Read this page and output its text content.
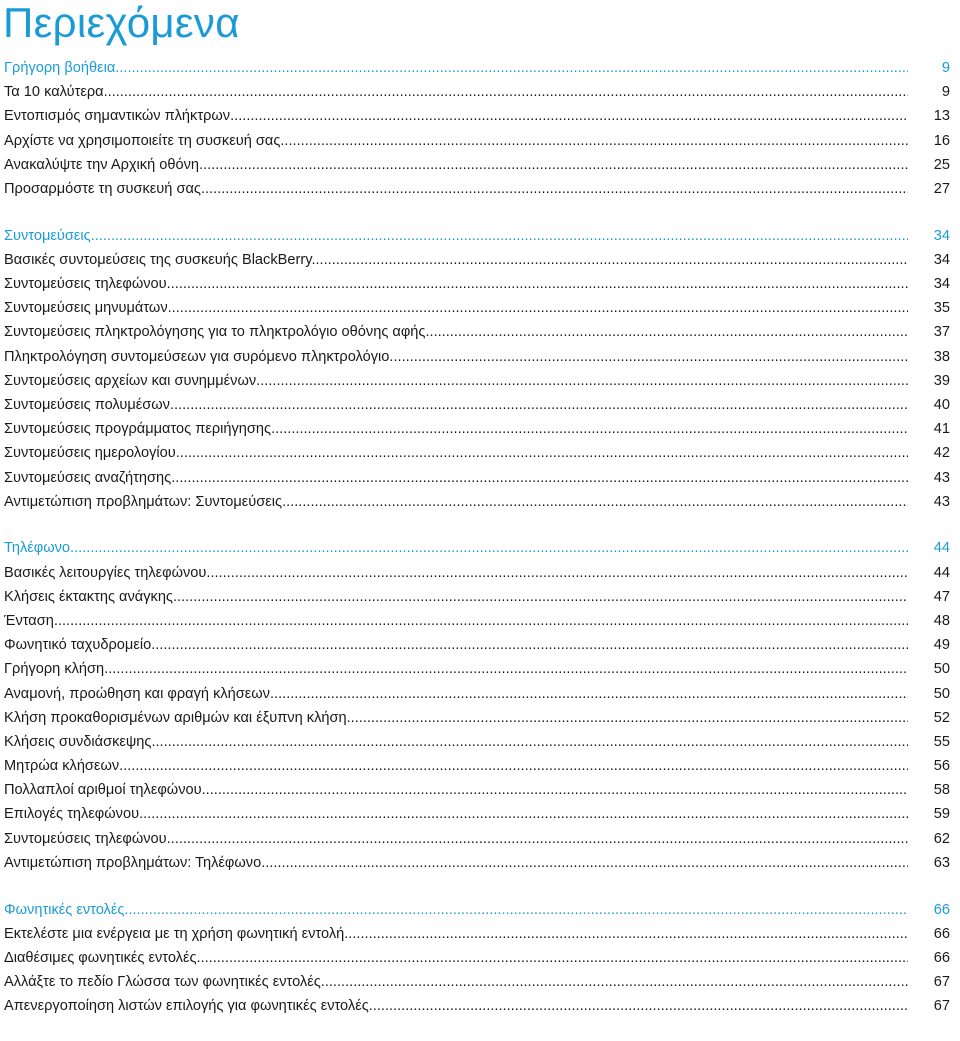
Περιεχόμενα
Γρήγορη βοήθεια .....	9
Τα 10 καλύτερα .....	9
Εντοπισμός σημαντικών πλήκτρων .....	13
Αρχίστε να χρησιμοποιείτε τη συσκευή σας .....	16
Ανακαλύψτε την Αρχική οθόνη .....	25
Προσαρμόστε τη συσκευή σας .....	27
Συντομεύσεις .....	34
Βασικές συντομεύσεις της συσκευής BlackBerry .....	34
Συντομεύσεις τηλεφώνου .....	34
Συντομεύσεις μηνυμάτων .....	35
Συντομεύσεις πληκτρολόγησης για το πληκτρολόγιο οθόνης αφής .....	37
Πληκτρολόγηση συντομεύσεων για συρόμενο πληκτρολόγιο .....	38
Συντομεύσεις αρχείων και συνημμένων .....	39
Συντομεύσεις πολυμέσων .....	40
Συντομεύσεις προγράμματος περιήγησης .....	41
Συντομεύσεις ημερολογίου .....	42
Συντομεύσεις αναζήτησης .....	43
Αντιμετώπιση προβλημάτων: Συντομεύσεις .....	43
Τηλέφωνο .....	44
Βασικές λειτουργίες τηλεφώνου .....	44
Κλήσεις έκτακτης ανάγκης .....	47
Ένταση .....	48
Φωνητικό ταχυδρομείο .....	49
Γρήγορη κλήση .....	50
Αναμονή, προώθηση και φραγή κλήσεων .....	50
Κλήση προκαθορισμένων αριθμών και έξυπνη κλήση .....	52
Κλήσεις συνδιάσκεψης .....	55
Μητρώα κλήσεων .....	56
Πολλαπλοί αριθμοί τηλεφώνου .....	58
Επιλογές τηλεφώνου .....	59
Συντομεύσεις τηλεφώνου .....	62
Αντιμετώπιση προβλημάτων: Τηλέφωνο .....	63
Φωνητικές εντολές .....	66
Εκτελέστε μια ενέργεια με τη χρήση φωνητική εντολή .....	66
Διαθέσιμες φωνητικές εντολές .....	66
Αλλάξτε το πεδίο Γλώσσα των φωνητικές εντολές .....	67
Απενεργοποίηση λιστών επιλογής για φωνητικές εντολές .....	67
